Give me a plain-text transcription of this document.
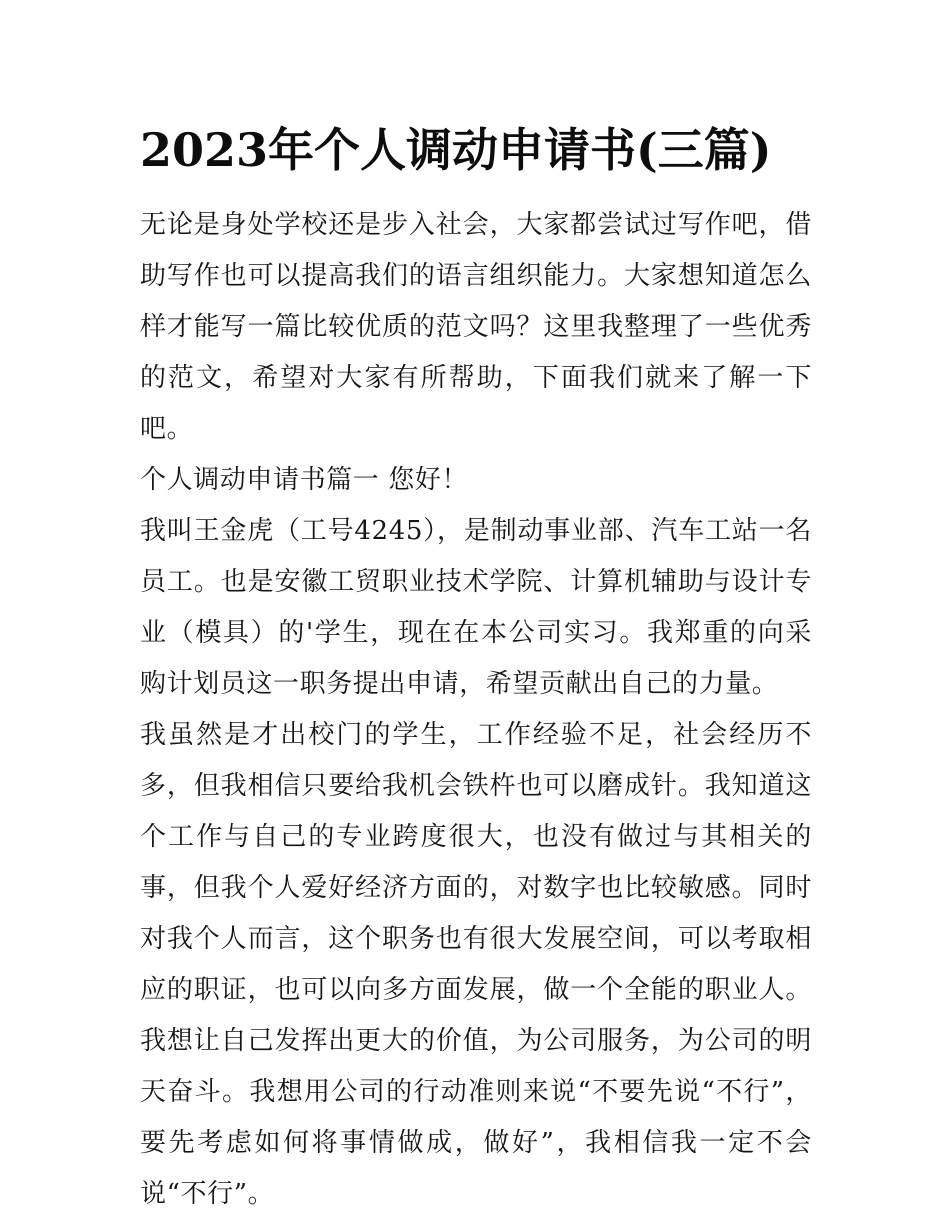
2023年个人调动申请书(三篇)

无论是身处学校还是步入社会，大家都尝试过写作吧，借助写作也可以提高我们的语言组织能力。大家想知道怎么样才能写一篇比较优质的范文吗？这里我整理了一些优秀的范文，希望对大家有所帮助，下面我们就来了解一下吧。

个人调动申请书篇一 您好！

我叫王金虎（工号4245），是制动事业部、汽车工站一名员工。也是安徽工贸职业技术学院、计算机辅助与设计专业（模具）的'学生，现在在本公司实习。我郑重的向采购计划员这一职务提出申请，希望贡献出自己的力量。

我虽然是才出校门的学生，工作经验不足，社会经历不多，但我相信只要给我机会铁杵也可以磨成针。我知道这个工作与自己的专业跨度很大，也没有做过与其相关的事，但我个人爱好经济方面的，对数字也比较敏感。同时对我个人而言，这个职务也有很大发展空间，可以考取相应的职证，也可以向多方面发展，做一个全能的职业人。我想让自己发挥出更大的价值，为公司服务，为公司的明天奋斗。我想用公司的行动准则来说“不要先说“不行”，要先考虑如何将事情做成，做好”，我相信我一定不会说“不行”。
